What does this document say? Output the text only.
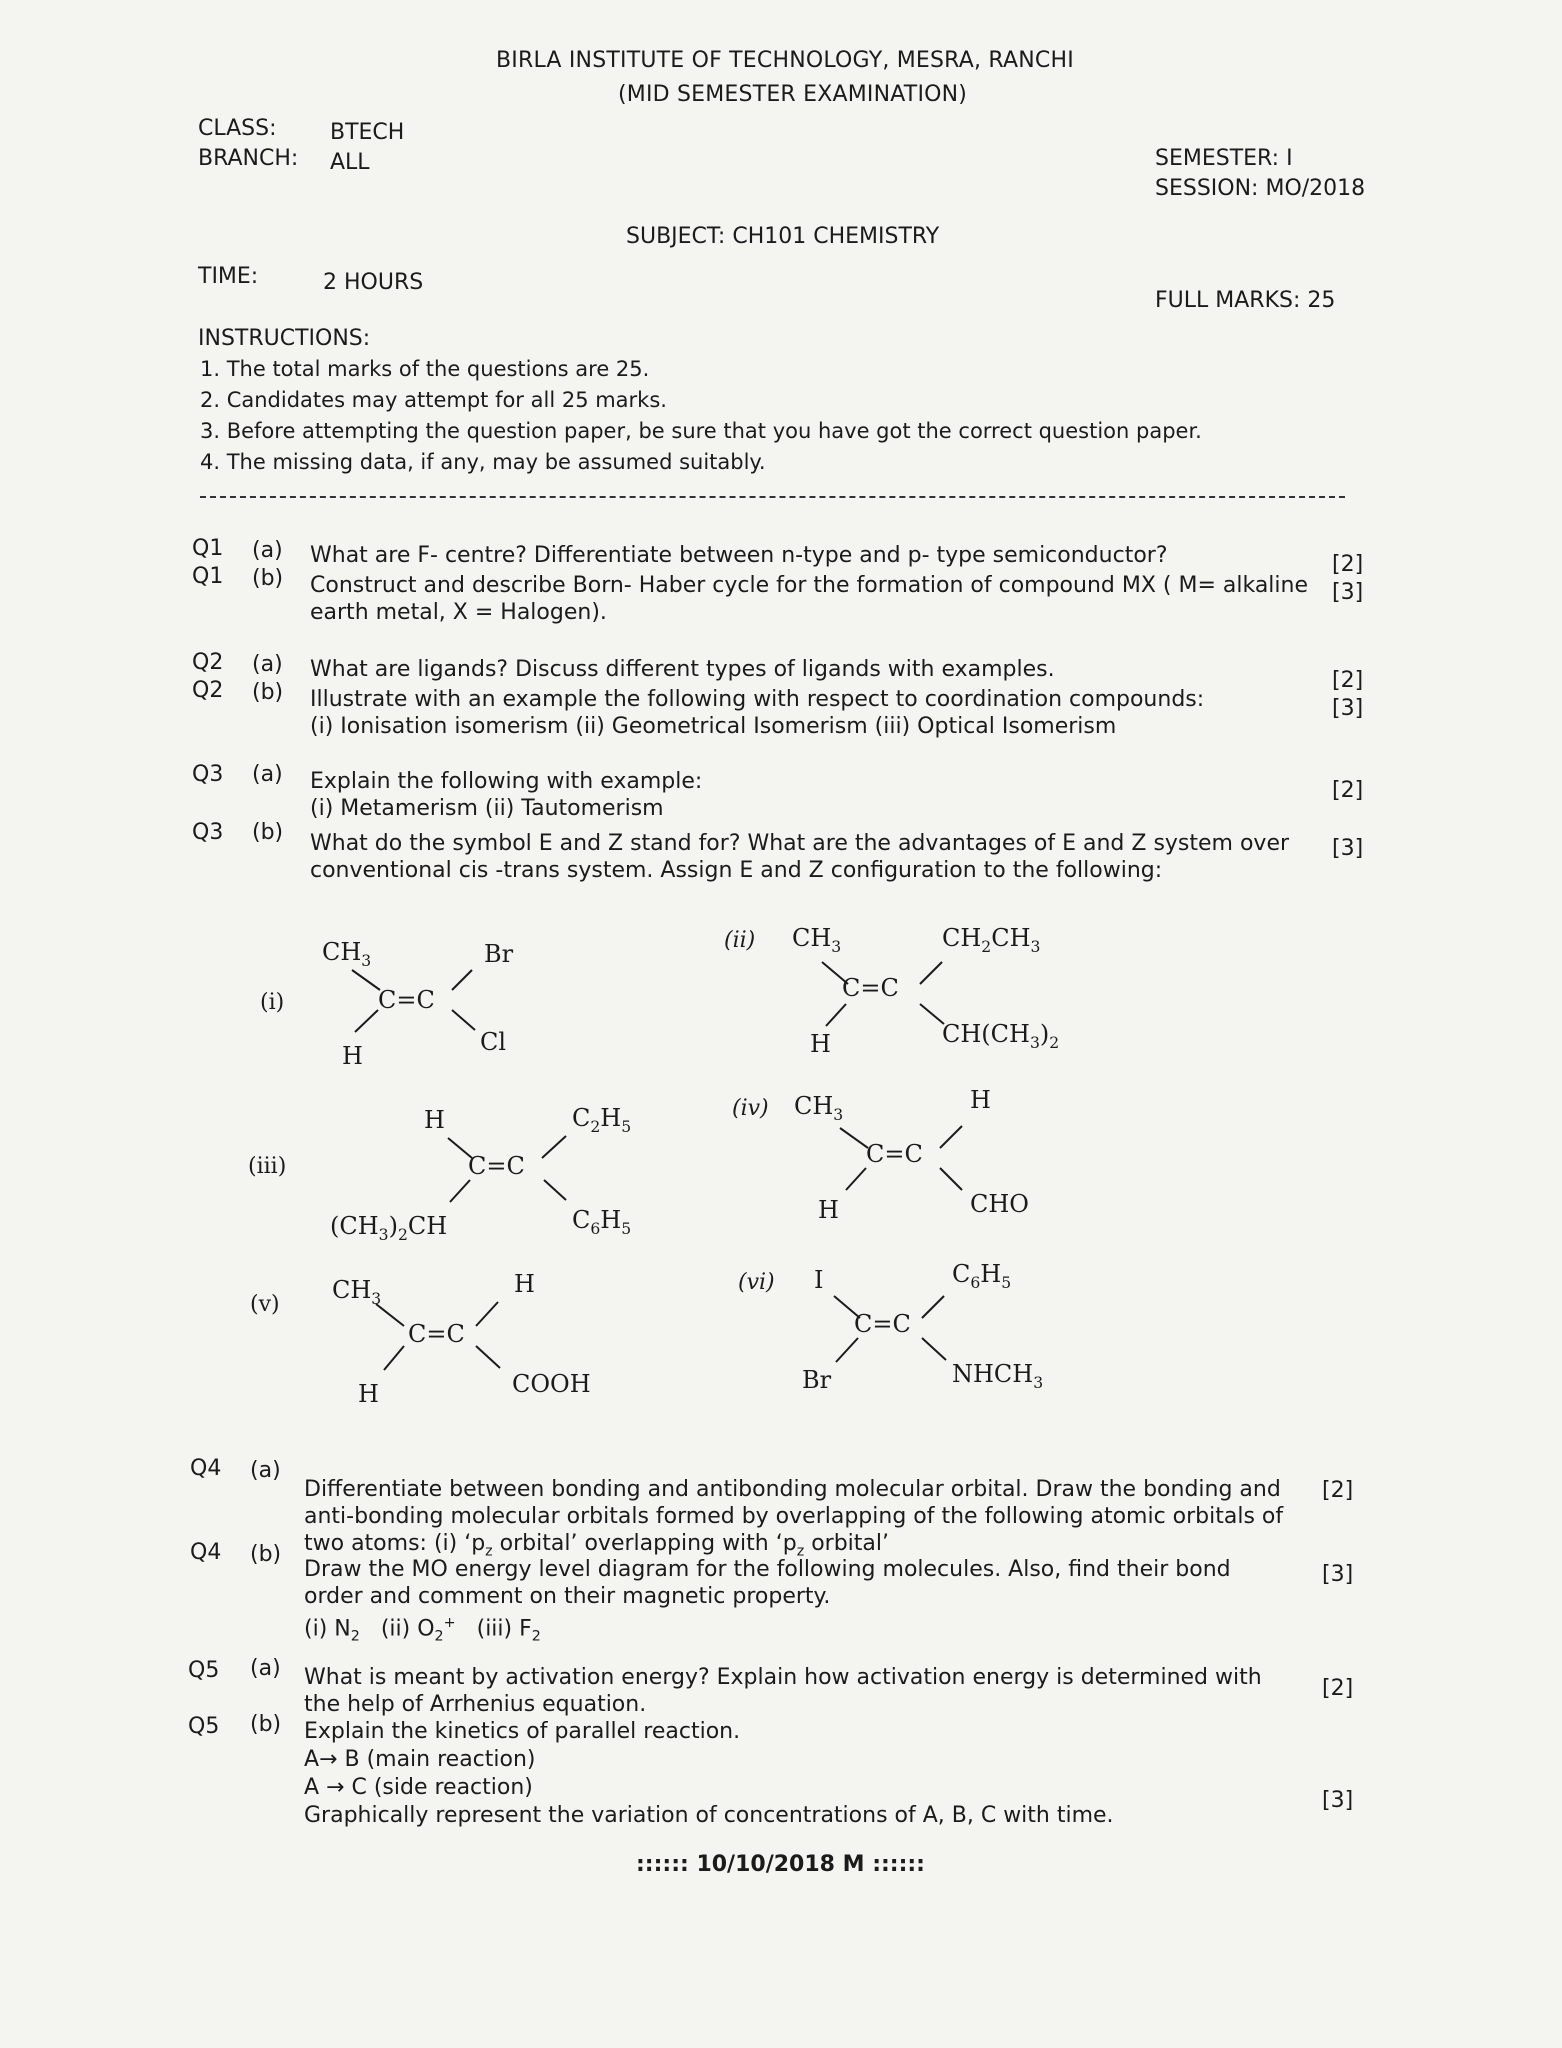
BIRLA INSTITUTE OF TECHNOLOGY, MESRA, RANCHI
(MID SEMESTER EXAMINATION)
CLASS: BTECH
BRANCH: ALL	SEMESTER: I
SESSION: MO/2018
SUBJECT: CH101 CHEMISTRY
TIME:	2 HOURS
FULL MARKS: 25
INSTRUCTIONS:
1. The total marks of the questions are 25.
2. Candidates may attempt for all 25 marks.
3. Before attempting the question paper, be sure that you have got the correct question paper.
4. The missing data, if any, may be assumed suitably.
Q1 (a) What are F- centre? Differentiate between n-type and p- type semiconductor?	[2]
Q1 (b) Construct and describe Born- Haber cycle for the formation of compound MX ( M= alkaline
earth metal, X = Halogen).
[3]
Q2 (a) What are ligands? Discuss different types of ligands with examples.	[2]
Q2 (b) Illustrate with an example the following with respect to coordination compounds:
(i) Ionisation isomerism (ii) Geometrical Isomerism (iii) Optical Isomerism
[3]
Q3 (a) Explain the following with example:
(i) Metamerism (ii) Tautomerism
[2]
Q3 (b) What do the symbol E and Z stand for? What are the advantages of E and Z system over
conventional cis -trans system. Assign E and Z configuration to the following:
[3]
(i)
$CH_3$	Br
C=C
H	Cl
(ii) $CH_3$	$CH_2CH_3$
C=C
H	$CH(CH_3)_2$
(iii)
H	$C_2H_5$
C=C
$(CH_3)_2CH$	$C_6H_5$
(iv) $CH_3$
H
C=C
H	CHO
(v)
$CH_3$
H
C=C
H	COOH
(vi) I	$C_6H_5$
C=C
Br	$NHCH_3$
Q4 (a)
Differentiate between bonding and antibonding molecular orbital. Draw the bonding and
anti-bonding molecular orbitals formed by overlapping of the following atomic orbitals of
two atoms: (i) ‘$p_z$ orbital’ overlapping with ‘$p_z$ orbital’
[2]
Q4 (b)
Draw the MO energy level diagram for the following molecules. Also, find their bond
order and comment on their magnetic property.
(i) $N_2$ (ii) $O_2^+$ (iii) $F_2$
[3]
Q5 (a) What is meant by activation energy? Explain how activation energy is determined with
the help of Arrhenius equation.
[2]
Q5 (b) Explain the kinetics of parallel reaction.
A→ B (main reaction)
A → C (side reaction)
Graphically represent the variation of concentrations of A, B, C with time.
[3]
:::::: 10/10/2018 M ::::::
